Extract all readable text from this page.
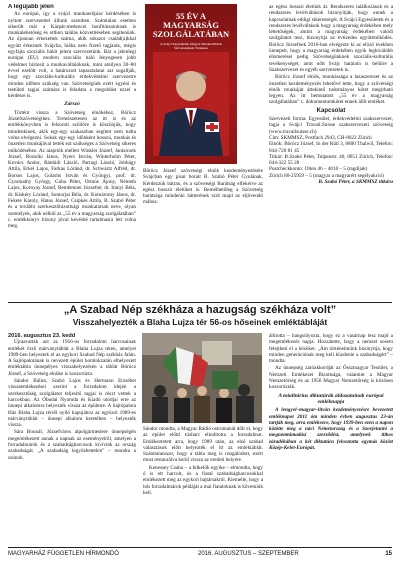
A legújabb jelen

Az európai, így a svájci munkaerőpiac kérdésében is nyitott szervezettel állunk szemben. Számtalan esetben sikerült már a Kárpát-medencei honfitársainknak is munkalehetőség és otthon találás közvetítésében segítenünk. Az újonnan érkezettek száma, akik sokszor család(a)kkal együtt érkeznek Svájcba, hiába nem fizető tagjaink, mégis egyfajta szociális hálót jelent szervezetünk. Bár a jelenlegi európai (EU) modern szociális háló lényegesen jobb védelmet biztosít a munkavállalóknak, mint amilyen 30–80 évvel ezelőtt volt, a határozott tapasztalatai azt sugallják, hogy egy szociális-kulturális érdekvédelmi szervezetre minden időben szükség van. Szövetségünk ezért egyéni és testületi tagjai számára is feladata a megoldást ezzel a kérdésre is.

Zárszó

Történt vissza a Szövetség elnökéhez, Böröcz Józsefszövetségihez. Természetesen az itt is és az emlékkönyvben is felsorolt szöllőre is köszönjük, hogy mindenkinek, akik egy-egy szakaszban segített nem tudta volna elvégezni. Sokak egy-egy időnként hosszú, munkás és önzetlen munkájával tették ezt szükséges a Szövetség sikeres működéséhez. Az alapítók mellett Winkler József, Janisicsek József, Bozsóki János, Nyers István, Winterholm Péter, Kovács Andor, Bánhidi László, Parragi László, Jobbágy Attila, Erkel Lajos, Farkas Lóránd, dr. Schwartz Alfréd, dr. Borsos Lajos, Golarits István és Gyöngyi, prof. dr. Gyarmathy György, Guba Péter, Ormós Ájony, Németh Lajos, Kornyay József, Remhenner Józsefné, dr. Irányi Béla, dr. Kiskéry Lóránd, Somorjai Béla, dr. Komáromy János, dr. Fekete Károly, Hatos József, Csipkés Attila, B. Szabó Péter és a további szerkesztőbizottsági munkatársak neve, olyan személyek, akik nélkül az „55 év a magyarság szolgálatában” c. emlékkönyv bizony jóval kevésbé tartalmasra lett volna meg.

55 ÉV A MAGYARSÁG SZOLGÁLATÁBAN
A Svájci Egyesületek Magyar Munkavállalók Szövetségének Története

Böröcz József szövetségi elnök kezdeményezésére Svájcban egy pisai borait B. Szabó Péter Gyulának. Kérdezzük bátran, és a szövetségi Barátság elfekérve az egész hosszú életüket is. Remélhetőleg a Szövetség barátsága mindenki hátterének szól majd az eljövendő mához.

az egész hosszú életünk át. Rendszeres találkozások és a rendszeres levélváltások bizonyítják, hogy ennek a kapcsolatnak eddigi sikerességét. A Svájci Egyesületek és a rendszeres levélváltások hogy a magyarság érdekében mely lehetőségek, amint a magyarság érdekében valódi szolgálatot tesz, bizonyítja az évtizedes együttműködés. Böröcz Józsefnek 2016-ban elvégezte ki az előző években ünnepelt, hogy a magyarság érdekében egyik legkiválóbb elismerései pedig Szövetségünknek szociális-kulturális tevékenységét, amit nőtt Svájc határain is belülre a Szakszervezet és egyéb szervezetek is.

Böröcz József elnök, munkássága a lazaszerezet és az önzetlen kezdeményezés lehetővé tette, hogy a szövetségi elnök munkáját áttekintő tudományos kötet megírható legyen. Az itt bemutatott „55 év a magyarság szolgálatában” c. dokumentumkötet ennek állít emléket.

Kapcsolat
Szervezeti forma: Egyesület, érdekvédelmi szakszervezet, tagja a Svájci Travail.Suisse szakszervezeti szövetség (www.travailsuisse.ch)
Cím: SKMMSZ, Postfach 2943, CH-8022 Zürich
Elnök: Böröcz József, In der Rüti 3, 8800 Thalwil, Telefon: 044-720 81 45
Titkár: B.Szabó Péter, Tulpenstr. 40, 8051 Zürich, Telefon: 044-322 55 28
Postcheckkonto: Olten 46 – 4010 – 5 (tagdíjak)
Zürich 80-25959 – 5 (magyar a magyarért segélyakció)
B. Szabó Péter, a SKMMSZ titkára
„A Szabad Nép székháza a hazugság székháza volt”
Visszahelyezték a Blaha Lujza tér 56-os hőseinek emléktábláját
2016. augusztus 23. kedd

Újraavatták azt az 1956-os forradalom harcosainak emlékét őrző márványtáblát a Blaha Lujza téren, amelyet 1989-ben helyeztek el az egykori Szabad Nép székház falán. A Sajtópalotának is nevezett épület homlokzatán elhelyezett emléktábla ünnepélyes visszahelyezésén a táblát Böröcz József, a Szövetség elnöke is koszorúzta.

Sándor Bálint, Szabó Lajos és Hermann Erzsébet visszaemlékezései szerint a forradalom idején a szerkesztőség szolgálatot teljesítő tagjai is részt vettek a harcokban. Az Óbudai Nyomda és Kiadó utódjai erre az ünnepi alkalomra helyezték vissza az épületre. A Sajtópalota Ház Blaha Lujza térről nyíló kapujához az egykori 1989-es márványtáblát – ünnepi alkalom keretében – helyezték vissza.

Sára Bonnál, Józsefváros alpolgármestere ünnepségén megemlékezett annak a napnak az eseményeiről, amelyen a forradalmárok és a szabadságharcosok kivívták az ország szabadságát. „A szabadság legyőzhetetlen” – mondta a szónok.

Sándor mondta, a Magyar Rádió ostrománál dőlt el, hogy az épület előtti tüzharc elindította a forradalmat. Emlékeztetett arra, hogy 1989 után, az első szabad választások előtt helyezték el itt az emléktáblát. Számtalanszor, hogy a tábla meg is rongálódott, ezért most restaurálva kerül vissza az eredeti helyére.

Kenessey Csaba – a felkelők egyike – elmondta, hogy ő is ott harcolt, és a fiatal szabadságharcosokkal emlékezett meg az egykori bajtársakról. Kiemelte, hogy a hős forradalmárok példáját a mai fiataloknak is követniük kell.

állította – hangsúlyozta, hogy ez a vasárnap lesz majd a megemlékezés napja. Hozzátette, hogy a nemzet sosem felejtheti el a hősöket. „Ám történelmünk bizonyítja, hogy minden generációnak meg kell küzdenie a szabadságért” – mondta.

Az ünnepség záróakkordját az Összmagyar Testület, a Nemzeti Emlékezet Bizottsága, valamint a Magyar Nemzetőrség és az 1956 Magyar Nemzetőrség is közösen koszorúzták.

A totalitárius diktatúrák áldozatainak európai emléknapja

A lengyel–magyar–litván kezdeményezésre bevezetett emléknapot 2011 óta minden évben augusztus 23-án tartják meg, arra emlékezve, hogy 1939-ben ezen a napon kötötte meg a náci Németország és a Szovjetunió a megnemtámadási szerződést, amelynek titkos záradékában a két diktatúra felosztotta egymás között Közép-Kelet-Európát.

MAGYARHÁZ FÜGGETLEN HÍRMONDÓ	2016. AUGUSZTUS – SZEPTEMBER	15
